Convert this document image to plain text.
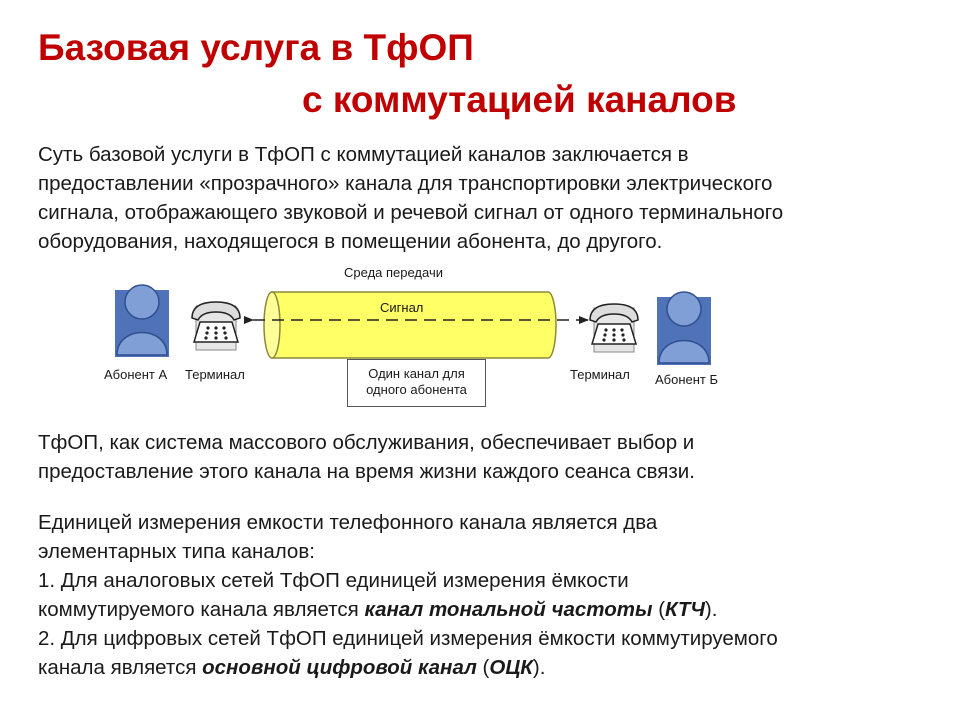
Базовая услуга в ТфОП
с коммутацией каналов

Суть базовой услуги в ТфОП с коммутацией каналов заключается в
предоставлении «прозрачного» канала для транспортировки электрического
сигнала, отображающего звуковой и речевой сигнал от одного терминального
оборудования, находящегося в помещении абонента, до другого.

Среда передачи
Сигнал
Абонент А Терминал	Один канал для
одного абонента
Терминал Абонент Б

ТфОП, как система массового обслуживания, обеспечивает выбор и
предоставление этого канала на время жизни каждого сеанса связи.

Единицей измерения емкости телефонного канала является два
элементарных типа каналов:
1. Для аналоговых сетей ТфОП единицей измерения ёмкости
коммутируемого канала является канал тональной частоты (КТЧ).
2. Для цифровых сетей ТфОП единицей измерения ёмкости коммутируемого
канала является основной цифровой канал (ОЦК).
